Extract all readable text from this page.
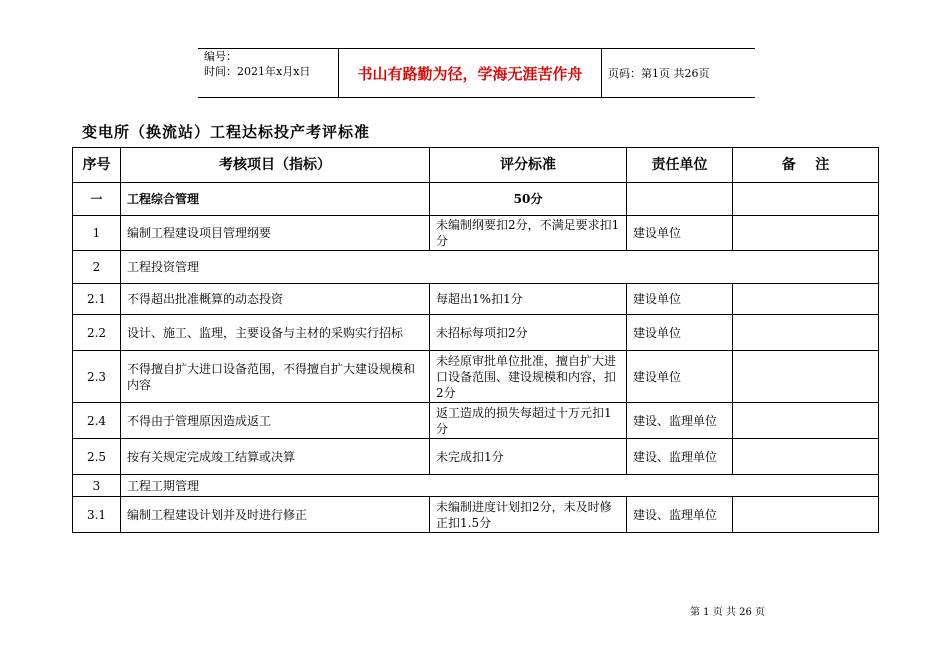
编号：
时间：2021年x月x日	书山有路勤为径，学海无涯苦作舟	页码：第1页 共26页
变电所（换流站）工程达标投产考评标准
序号	考核项目（指标）	评分标准	责任单位	备    注
一	工程综合管理	50分		
1	编制工程建设项目管理纲要	未编制纲要扣2分，不满足要求扣1分	建设单位	
2	工程投资管理			
2.1	不得超出批准概算的动态投资	每超出1%扣1分	建设单位	
2.2	设计、施工、监理，主要设备与主材的采购实行招标	未招标每项扣2分	建设单位	
2.3	不得擅自扩大进口设备范围，不得擅自扩大建设规模和内容	未经原审批单位批准，擅自扩大进口设备范围、建设规模和内容，扣2分	建设单位	
2.4	不得由于管理原因造成返工	返工造成的损失每超过十万元扣1分	建设、监理单位	
2.5	按有关规定完成竣工结算或决算	未完成扣1分	建设、监理单位	
3	工程工期管理			
3.1	编制工程建设计划并及时进行修正	未编制进度计划扣2分，未及时修正扣1.5分	建设、监理单位	
第 1 页 共 26 页
